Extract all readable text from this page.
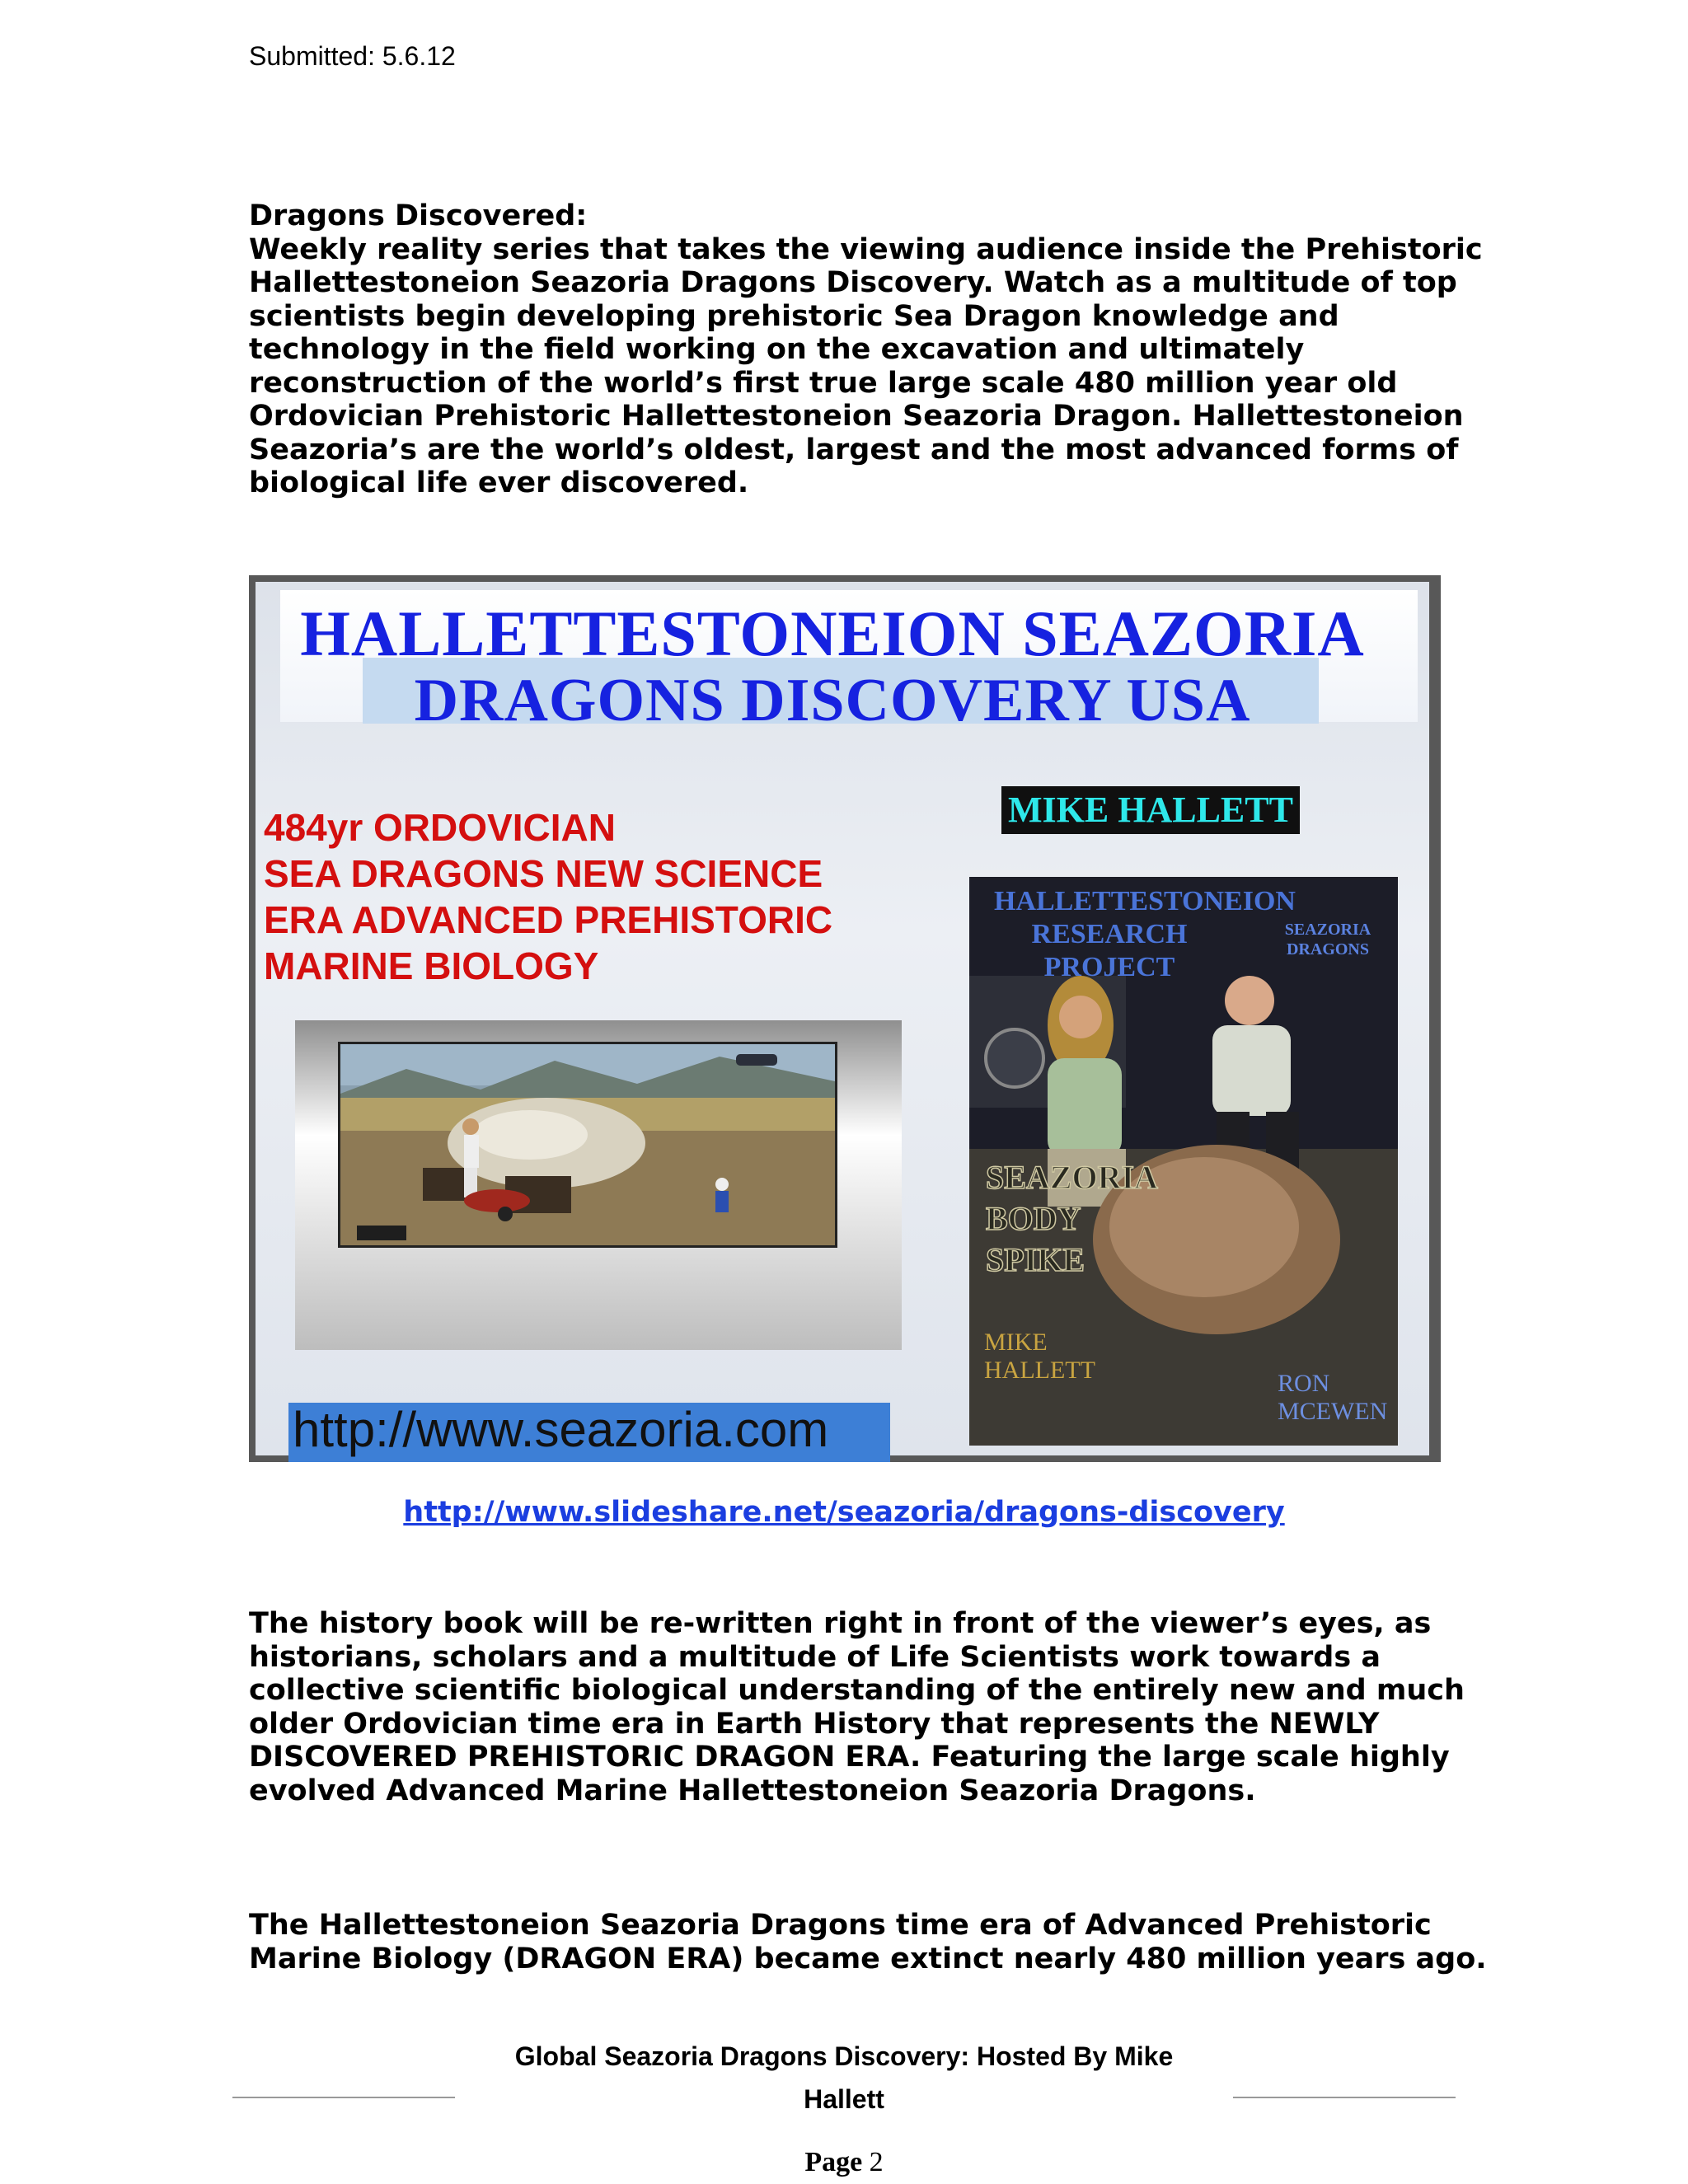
Submitted: 5.6.12
Dragons Discovered:
Weekly reality series that takes the viewing audience inside the Prehistoric
Hallettestoneion Seazoria Dragons Discovery. Watch as a multitude of top
scientists begin developing prehistoric Sea Dragon knowledge and
technology in the field working on the excavation and ultimately
reconstruction of the world’s first true large scale 480 million year old
Ordovician Prehistoric Hallettestoneion Seazoria Dragon. Hallettestoneion
Seazoria’s are the world’s oldest, largest and the most advanced forms of
biological life ever discovered.
HALLETTESTONEION SEAZORIA
DRAGONS DISCOVERY USA
484yr ORDOVICIAN
SEA DRAGONS NEW SCIENCE
ERA ADVANCED PREHISTORIC
MARINE BIOLOGY
MIKE HALLETT
HALLETTESTONEION
RESEARCH
PROJECT
SEAZORIA
DRAGONS
SEAZORIA
BODY
SPIKE
MIKE
HALLETT	RON
MCEWEN
http://www.seazoria.com
http://www.slideshare.net/seazoria/dragons-discovery
The history book will be re-written right in front of the viewer’s eyes, as
historians, scholars and a multitude of Life Scientists work towards a
collective scientific biological understanding of the entirely new and much
older Ordovician time era in Earth History that represents the NEWLY
DISCOVERED PREHISTORIC DRAGON ERA. Featuring the large scale highly
evolved Advanced Marine Hallettestoneion Seazoria Dragons.
The Hallettestoneion Seazoria Dragons time era of Advanced Prehistoric
Marine Biology (DRAGON ERA) became extinct nearly 480 million years ago.
Global Seazoria Dragons Discovery: Hosted By Mike
Hallett
Page 2
